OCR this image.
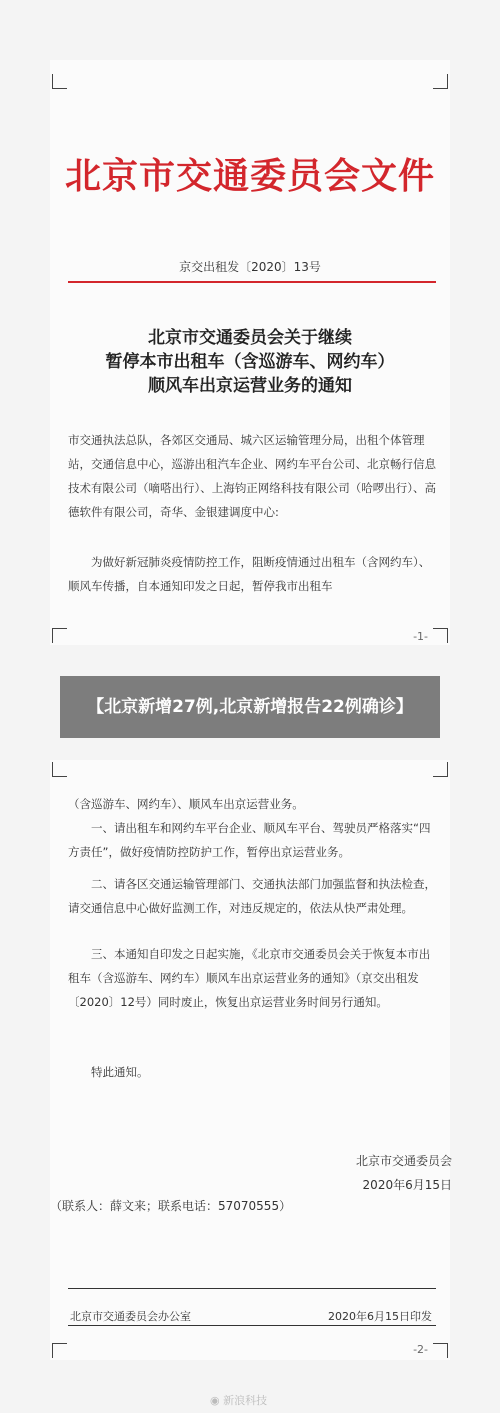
北京市交通委员会文件
京交出租发〔2020〕13号
北京市交通委员会关于继续
暂停本市出租车（含巡游车、网约车）
顺风车出京运营业务的通知
市交通执法总队，各郊区交通局、城六区运输管理分局，出租个体管理站，交通信息中心，巡游出租汽车企业、网约车平台公司、北京畅行信息技术有限公司（嘀嗒出行）、上海钧正网络科技有限公司（哈啰出行）、高德软件有限公司，奇华、金银建调度中心:
为做好新冠肺炎疫情防控工作，阻断疫情通过出租车（含网约车）、顺风车传播，自本通知印发之日起，暂停我市出租车
-1-
【北京新增27例,北京新增报告22例确诊】
（含巡游车、网约车）、顺风车出京运营业务。
一、请出租车和网约车平台企业、顺风车平台、驾驶员严格落实“四方责任”，做好疫情防控防护工作，暂停出京运营业务。
二、请各区交通运输管理部门、交通执法部门加强监督和执法检查，请交通信息中心做好监测工作，对违反规定的，依法从快严肃处理。
三、本通知自印发之日起实施，《北京市交通委员会关于恢复本市出租车（含巡游车、网约车）顺风车出京运营业务的通知》（京交出租发〔2020〕12号）同时废止，恢复出京运营业务时间另行通知。
特此通知。
-2-
北京市交通委员会
2020年6月15日
（联系人：薛文来；联系电话：57070555）
北京市交通委员会办公室	2020年6月15日印发
◉ 新浪科技
